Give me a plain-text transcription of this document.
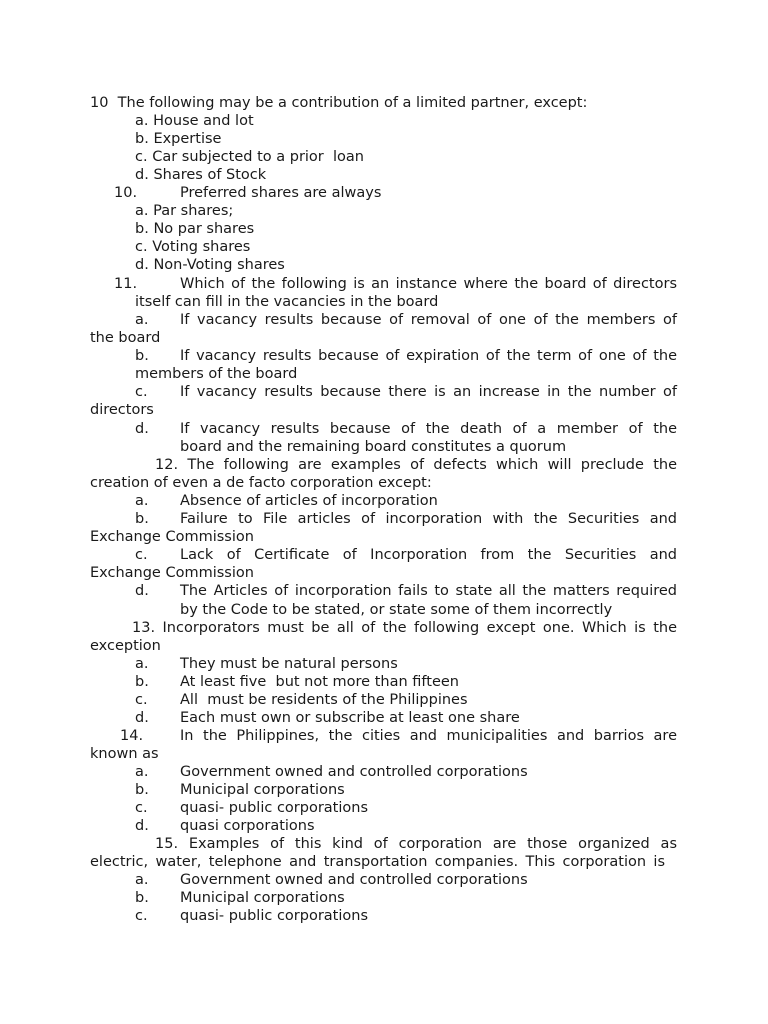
10 The following may be a contribution of a limited partner, except:
a. House and lot
b. Expertise
c. Car subjected to a prior  loan
d. Shares of Stock
10.	Preferred shares are always
a. Par shares;
b. No par shares
c. Voting shares
d. Non-Voting shares
11.	Which of the following is an instance where the board of directors
itself can fill in the vacancies in the board
a. If vacancy results because of removal of one of the members of
the board
b. If vacancy results because of expiration of the term of one of the
members of the board
c. If vacancy results because there is an increase in the number of
directors
d. If vacancy results because of the death of a member of the
board and the remaining board constitutes a quorum
12. The following are examples of defects which will preclude the
creation of even a de facto corporation except:
a. Absence of articles of incorporation
b. Failure to File articles of incorporation with the Securities and
Exchange Commission
c. Lack of Certificate of Incorporation from the Securities and
Exchange Commission
d. The Articles of incorporation fails to state all the matters required
by the Code to be stated, or state some of them incorrectly
13. Incorporators must be all of the following except one. Which is the
exception
a. They must be natural persons
b. At least five  but not more than fifteen
c. All  must be residents of the Philippines
d. Each must own or subscribe at least one share
14.	In the Philippines, the cities and municipalities and barrios are
known as
a. Government owned and controlled corporations
b. Municipal corporations
c. quasi- public corporations
d. quasi corporations
15. Examples of this kind of corporation are those organized as
electric, water, telephone and transportation companies. This corporation is
a. Government owned and controlled corporations
b. Municipal corporations
c. quasi- public corporations
